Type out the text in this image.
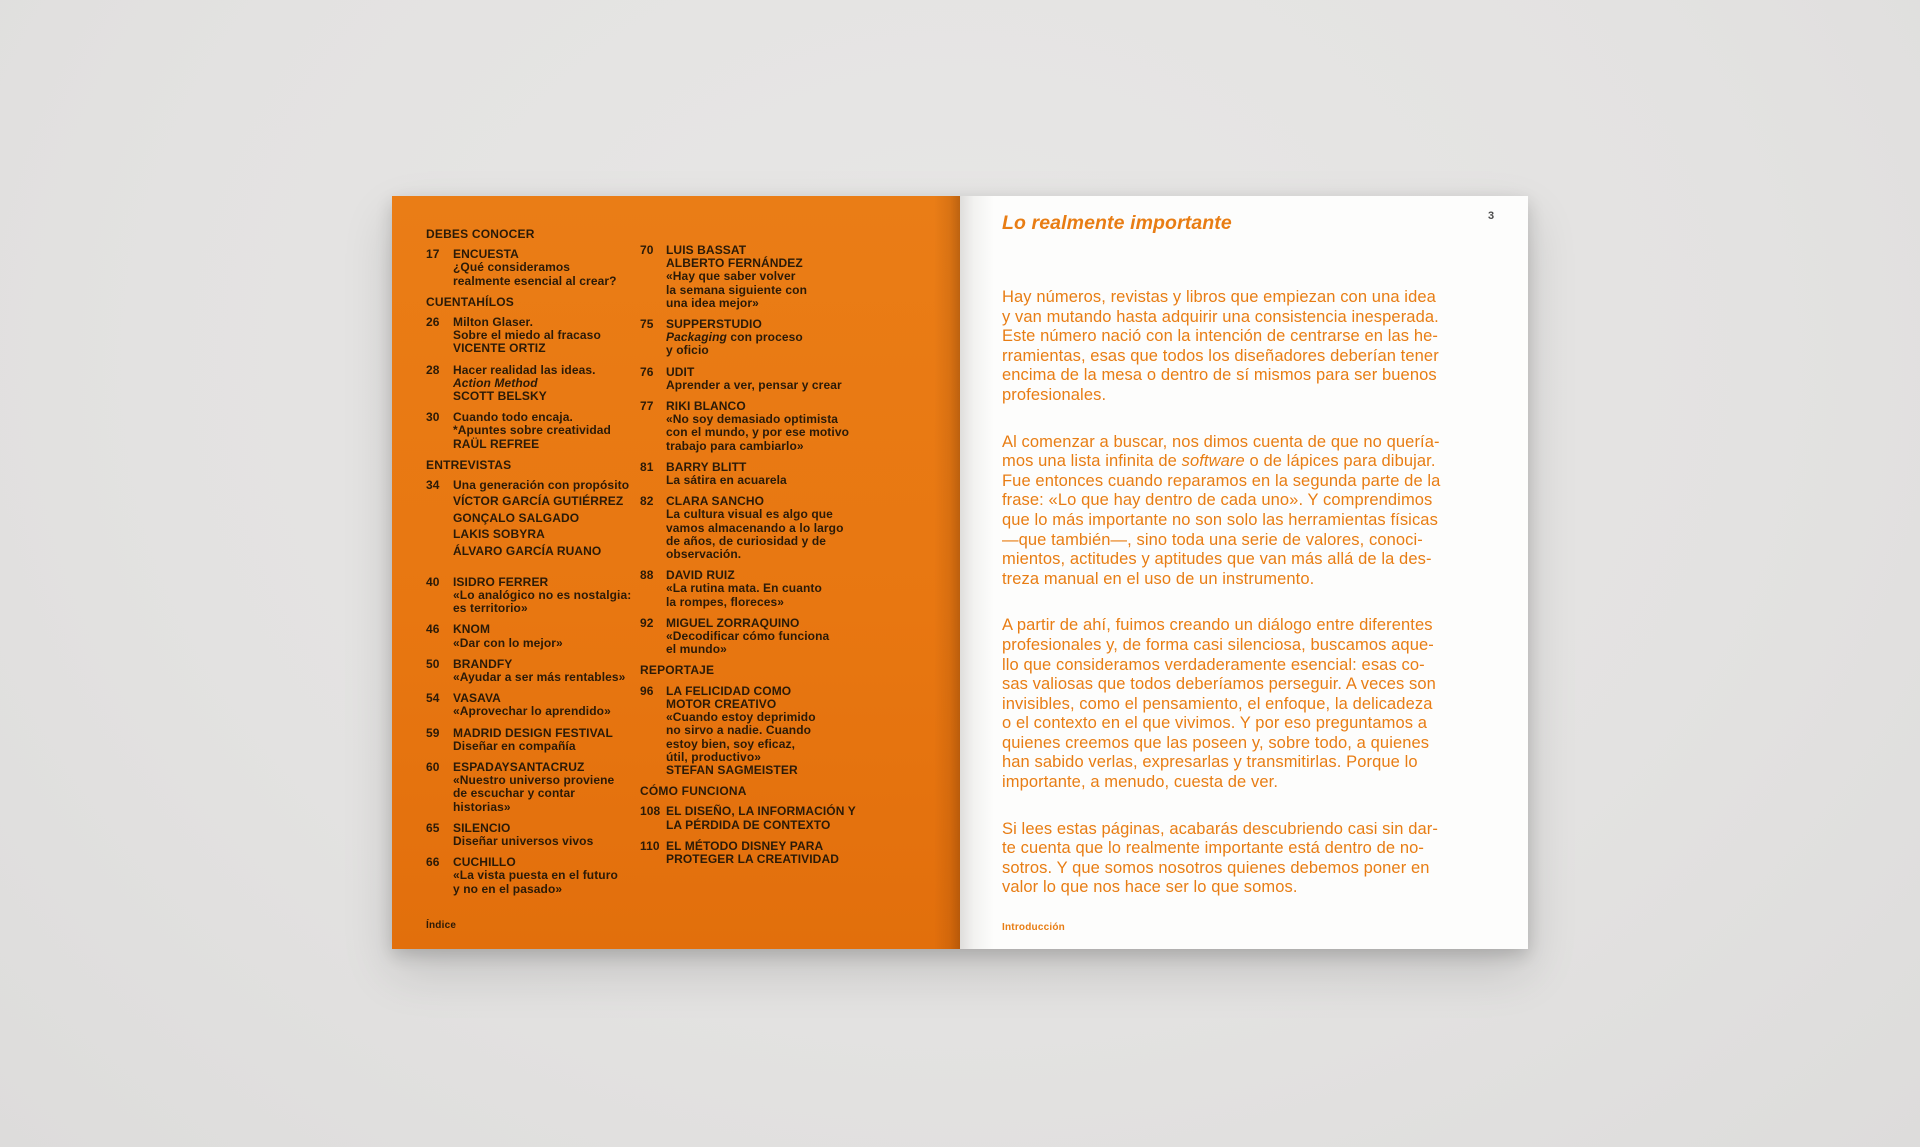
DEBES CONOCER
17	ENCUESTA
¿Qué consideramos
realmente esencial al crear?
CUENTAHÍLOS
26	Milton Glaser.
Sobre el miedo al fracaso
VICENTE ORTIZ
28	Hacer realidad las ideas.
Action Method
SCOTT BELSKY
30	Cuando todo encaja.
*Apuntes sobre creatividad
RAÜL REFREE
ENTREVISTAS
34	Una generación con propósito
VÍCTOR GARCÍA GUTIÉRREZ
GONÇALO SALGADO
LAKIS SOBYRA
ÁLVARO GARCÍA RUANO
40	ISIDRO FERRER
«Lo analógico no es nostalgia:
es territorio»
46	KNOM
«Dar con lo mejor»
50	BRANDFY
«Ayudar a ser más rentables»
54	VASAVA
«Aprovechar lo aprendido»
59	MADRID DESIGN FESTIVAL
Diseñar en compañía
60	ESPADAYSANTACRUZ
«Nuestro universo proviene
de escuchar y contar historias»
65	SILENCIO
Diseñar universos vivos
66	CUCHILLO
«La vista puesta en el futuro
y no en el pasado»
70	LUIS BASSAT
ALBERTO FERNÁNDEZ
«Hay que saber volver
la semana siguiente con
una idea mejor»
75	SUPPERSTUDIO
Packaging con proceso
y oficio
76	UDIT
Aprender a ver, pensar y crear
77	RIKI BLANCO
«No soy demasiado optimista
con el mundo, y por ese motivo
trabajo para cambiarlo»
81	BARRY BLITT
La sátira en acuarela
82	CLARA SANCHO
La cultura visual es algo que
vamos almacenando a lo largo
de años, de curiosidad y de
observación.
88	DAVID RUIZ
«La rutina mata. En cuanto
la rompes, floreces»
92	MIGUEL ZORRAQUINO
«Decodificar cómo funciona
el mundo»
REPORTAJE
96	LA FELICIDAD COMO
MOTOR CREATIVO
«Cuando estoy deprimido
no sirvo a nadie. Cuando
estoy bien, soy eficaz,
útil, productivo»
STEFAN SAGMEISTER
CÓMO FUNCIONA
108 EL DISEÑO, LA INFORMACIÓN Y
LA PÉRDIDA DE CONTEXTO
110 EL MÉTODO DISNEY PARA
PROTEGER LA CREATIVIDAD
Índice
3
Lo realmente importante

Hay números, revistas y libros que empiezan con una idea
y van mutando hasta adquirir una consistencia inesperada.
Este número nació con la intención de centrarse en las he-
rramientas, esas que todos los diseñadores deberían tener
encima de la mesa o dentro de sí mismos para ser buenos
profesionales.

Al comenzar a buscar, nos dimos cuenta de que no quería-
mos una lista infinita de software o de lápices para dibujar.
Fue entonces cuando reparamos en la segunda parte de la
frase: «Lo que hay dentro de cada uno». Y comprendimos
que lo más importante no son solo las herramientas físicas
—que también—, sino toda una serie de valores, conoci-
mientos, actitudes y aptitudes que van más allá de la des-
treza manual en el uso de un instrumento.

A partir de ahí, fuimos creando un diálogo entre diferentes
profesionales y, de forma casi silenciosa, buscamos aque-
llo que consideramos verdaderamente esencial: esas co-
sas valiosas que todos deberíamos perseguir. A veces son
invisibles, como el pensamiento, el enfoque, la delicadeza
o el contexto en el que vivimos. Y por eso preguntamos a
quienes creemos que las poseen y, sobre todo, a quienes
han sabido verlas, expresarlas y transmitirlas. Porque lo
importante, a menudo, cuesta de ver.

Si lees estas páginas, acabarás descubriendo casi sin dar-
te cuenta que lo realmente importante está dentro de no-
sotros. Y que somos nosotros quienes debemos poner en
valor lo que nos hace ser lo que somos.

Introducción
